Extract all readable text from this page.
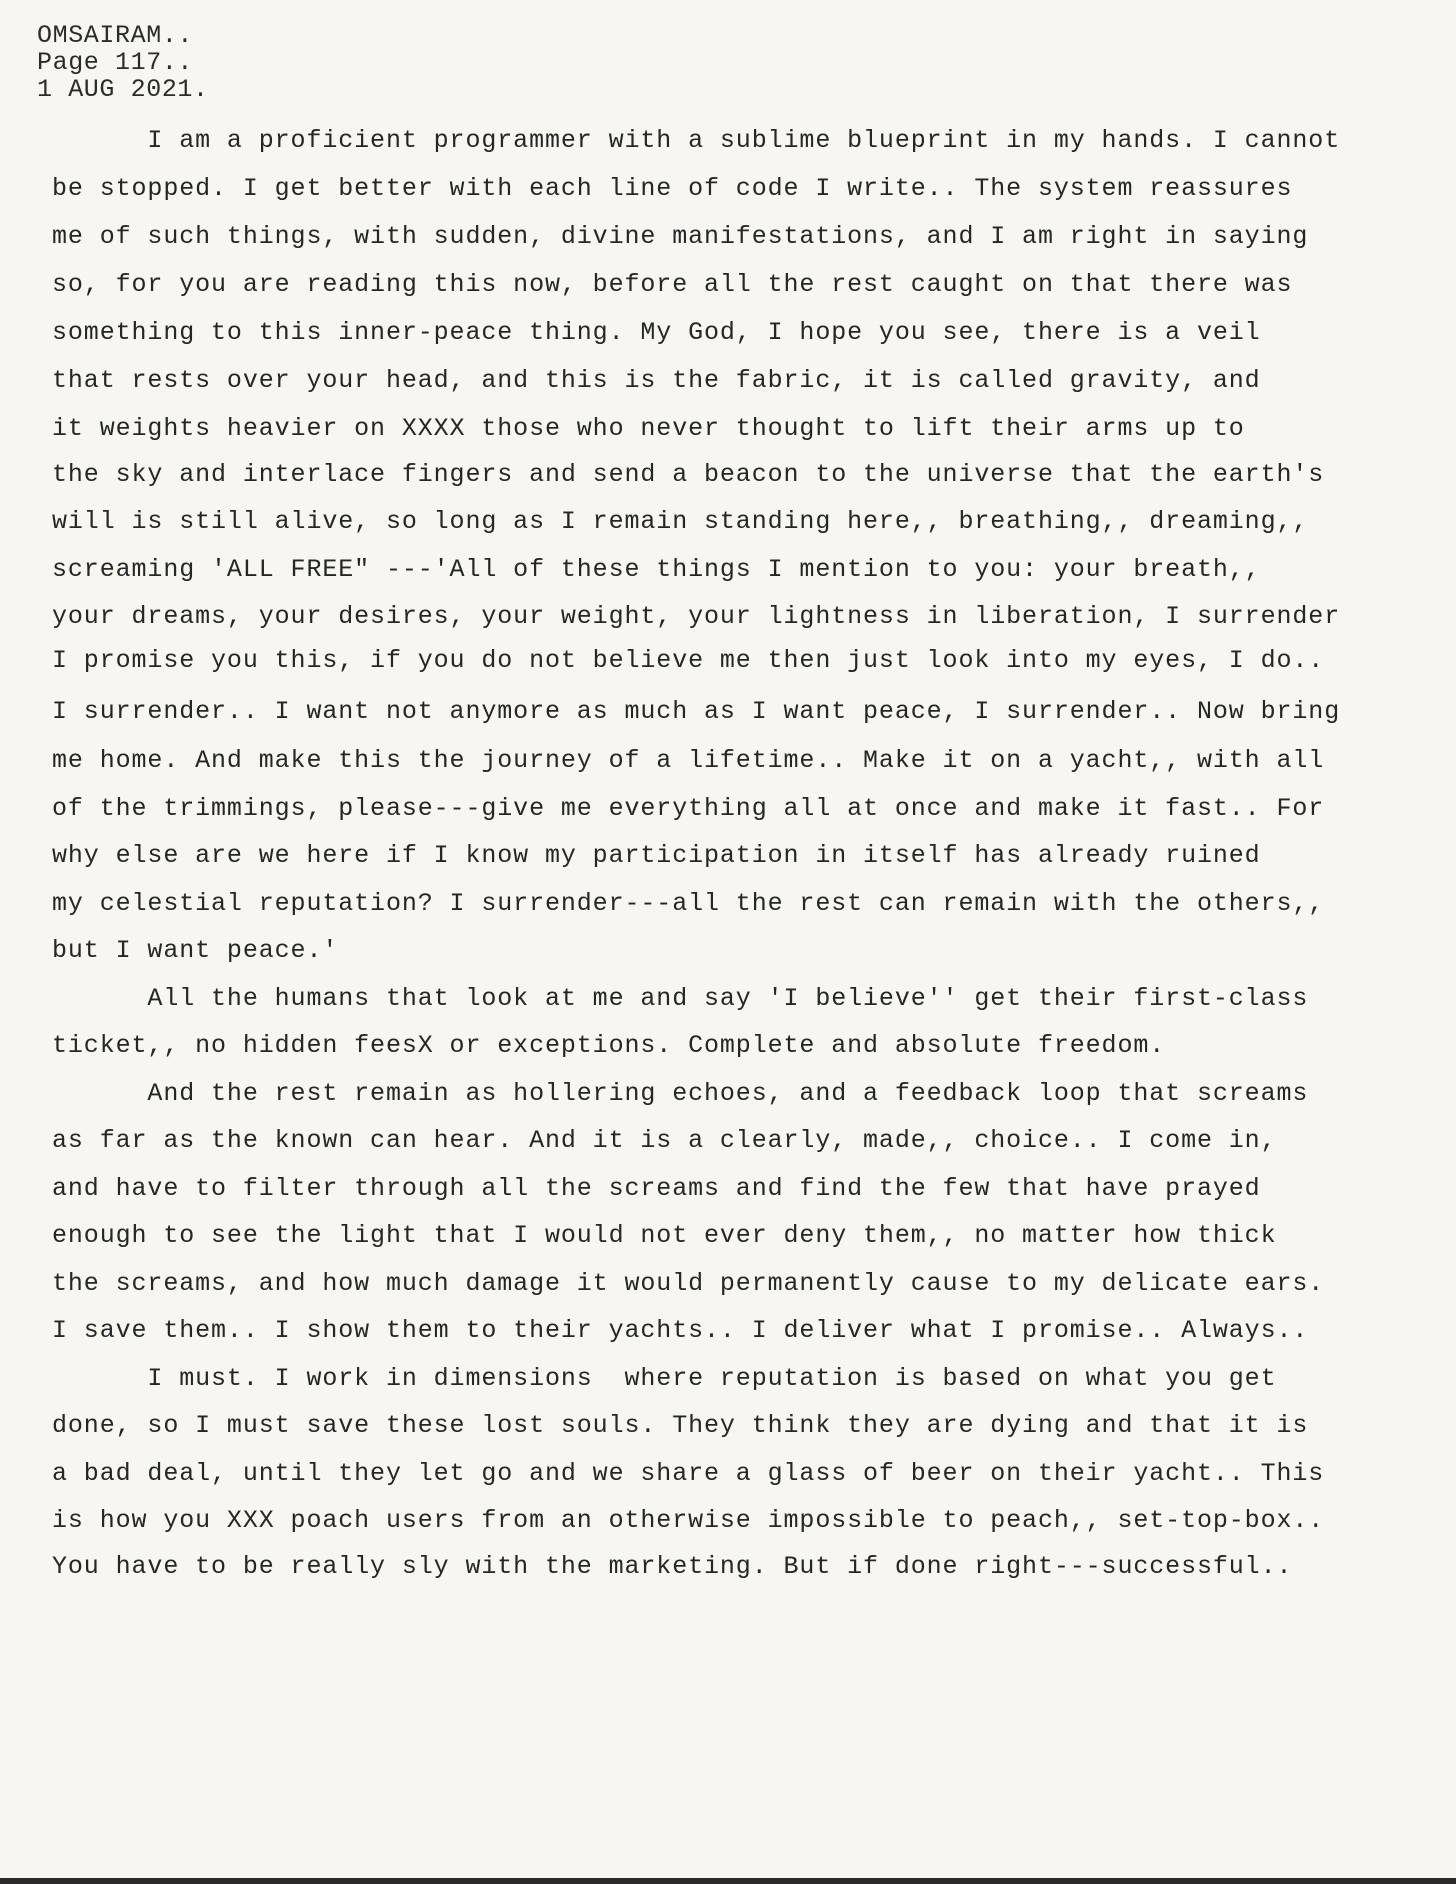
OMSAIRAM..
Page 117..
1 AUG 2021.
I am a proficient programmer with a sublime blueprint in my hands. I cannot
be stopped. I get better with each line of code I write.. The system reassures
me of such things, with sudden, divine manifestations, and I am right in saying
so, for you are reading this now, before all the rest caught on that there was
something to this inner-peace thing. My God, I hope you see, there is a veil
that rests over your head, and this is the fabric, it is called gravity, and
it weights heavier on XXXX those who never thought to lift their arms up to
the sky and interlace fingers and send a beacon to the universe that the earth's
will is still alive, so long as I remain standing here,, breathing,, dreaming,,
screaming 'ALL FREE" ---'All of these things I mention to you: your breath,,
your dreams, your desires, your weight, your lightness in liberation, I surrender
I promise you this, if you do not believe me then just look into my eyes, I do..
I surrender.. I want not anymore as much as I want peace, I surrender.. Now bring
me home. And make this the journey of a lifetime.. Make it on a yacht,, with all
of the trimmings, please---give me everything all at once and make it fast.. For
why else are we here if I know my participation in itself has already ruined
my celestial reputation? I surrender---all the rest can remain with the others,,
but I want peace.'
All the humans that look at me and say 'I believe'' get their first-class
ticket,, no hidden feesX or exceptions. Complete and absolute freedom.
And the rest remain as hollering echoes, and a feedback loop that screams
as far as the known can hear. And it is a clearly, made,, choice.. I come in,
and have to filter through all the screams and find the few that have prayed
enough to see the light that I would not ever deny them,, no matter how thick
the screams, and how much damage it would permanently cause to my delicate ears.
I save them.. I show them to their yachts.. I deliver what I promise.. Always..
I must. I work in dimensions  where reputation is based on what you get
done, so I must save these lost souls. They think they are dying and that it is
a bad deal, until they let go and we share a glass of beer on their yacht.. This
is how you XXX poach users from an otherwise impossible to peach,, set-top-box..
You have to be really sly with the marketing. But if done right---successful..
